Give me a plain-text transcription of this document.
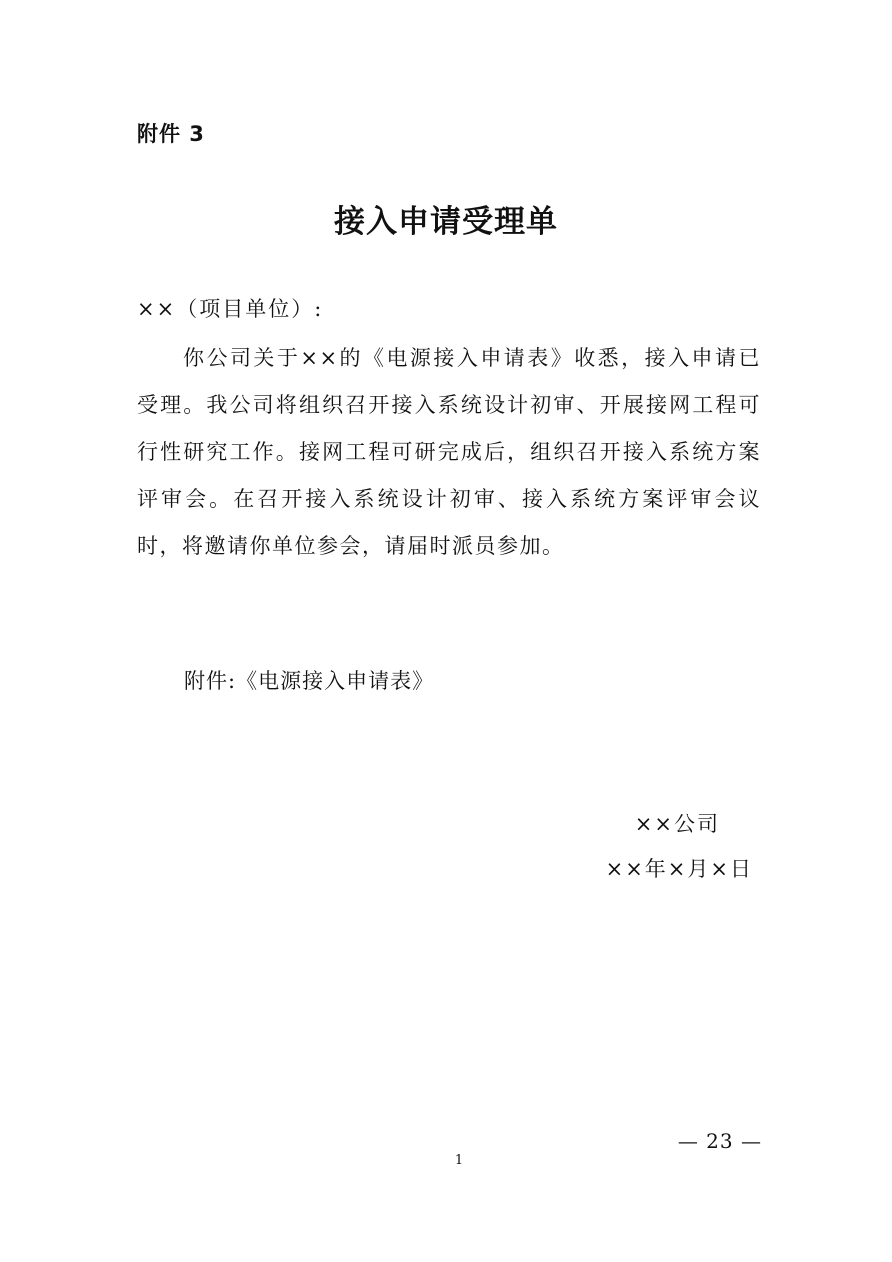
附件 3
接入申请受理单
××（项目单位）:

你公司关于××的《电源接入申请表》收悉，接入申请已受理。我公司将组织召开接入系统设计初审、开展接网工程可行性研究工作。接网工程可研完成后，组织召开接入系统方案评审会。在召开接入系统设计初审、接入系统方案评审会议时，将邀请你单位参会，请届时派员参加。

附件:《电源接入申请表》
××公司
××年×月×日
— 23 —
1
